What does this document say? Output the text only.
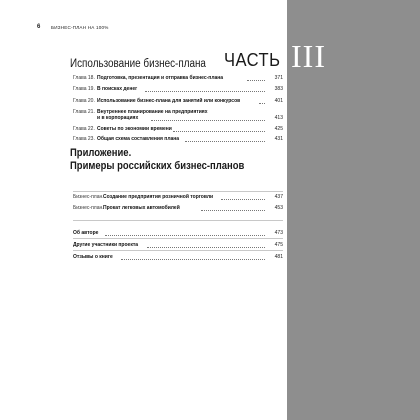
6 БИЗНЕС-ПЛАН НА 100%
Использование бизнес-плана ЧАСТЬ III
Глава 18. Подготовка, презентация и отправка бизнес-плана	371
Глава 19. В поисках денег	383
Глава 20. Использование бизнес-плана для занятий или конкурсов	401
Глава 21. Внутреннее планирование на предприятиях
и в корпорациях	413
Глава 22. Советы по экономии времени	425
Глава 23. Общая схема составления плана	431
Приложение.
Примеры российских бизнес-планов
Бизнес-план. Создание предприятия розничной торговли	437
Бизнес-план. Прокат легковых автомобилей	453
Об авторе	473
Другие участники проекта	475
Отзывы о книге	481
